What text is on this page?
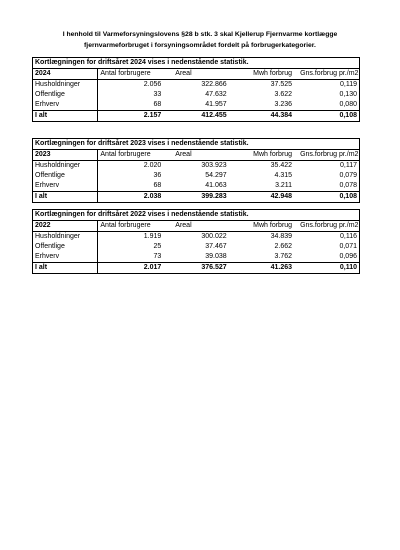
I henhold til Varmeforsyningslovens §28 b stk. 3 skal Kjellerup Fjernvarme kortlægge fjernvarmeforbruget i forsyningsområdet fordelt på forbrugerkategorier.
Kortlægningen for driftsåret 2024 vises i nedenstående statistik.				
2024	Antal forbrugere	Areal	Mwh forbrug	Gns.forbrug pr./m2
Husholdninger	2.056	322.866	37.525	0,119
Offentlige	33	47.632	3.622	0,130
Erhverv	68	41.957	3.236	0,080
I alt	2.157	412.455	44.384	0,108
Kortlægningen for driftsåret 2023 vises i nedenstående statistik.				
2023	Antal forbrugere	Areal	Mwh forbrug	Gns.forbrug pr./m2
Husholdninger	2.020	303.923	35.422	0,117
Offentlige	36	54.297	4.315	0,079
Erhverv	68	41.063	3.211	0,078
I alt	2.038	399.283	42.948	0,108
Kortlægningen for driftsåret 2022 vises i nedenstående statistik.				
2022	Antal forbrugere	Areal	Mwh forbrug	Gns.forbrug pr./m2
Husholdninger	1.919	300.022	34.839	0,116
Offentlige	25	37.467	2.662	0,071
Erhverv	73	39.038	3.762	0,096
I alt	2.017	376.527	41.263	0,110
